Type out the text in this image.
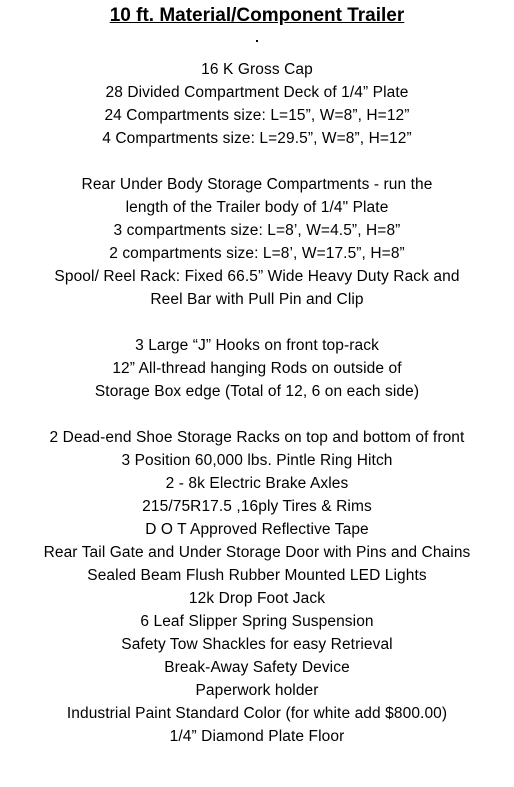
10 ft. Material/Component Trailer
16 K Gross Cap
28 Divided Compartment Deck of 1/4” Plate
24 Compartments size: L=15”, W=8”, H=12”
4 Compartments size: L=29.5”, W=8”, H=12”
Rear Under Body Storage Compartments - run the
length of the Trailer body of 1/4" Plate
3 compartments size: L=8’, W=4.5”, H=8”
2 compartments size: L=8’, W=17.5”, H=8”
Spool/ Reel Rack: Fixed 66.5” Wide Heavy Duty Rack and
Reel Bar with Pull Pin and Clip
3 Large “J” Hooks on front top-rack
12” All-thread hanging Rods on outside of
Storage Box edge (Total of 12, 6 on each side)
2 Dead-end Shoe Storage Racks on top and bottom of front
3 Position 60,000 lbs. Pintle Ring Hitch
2 - 8k Electric Brake Axles
215/75R17.5 ,16ply Tires & Rims
D O T Approved Reflective Tape
Rear Tail Gate and Under Storage Door with Pins and Chains
Sealed Beam Flush Rubber Mounted LED Lights
12k Drop Foot Jack
6 Leaf Slipper Spring Suspension
Safety Tow Shackles for easy Retrieval
Break-Away Safety Device
Paperwork holder
Industrial Paint Standard Color (for white add $800.00)
1/4” Diamond Plate Floor
